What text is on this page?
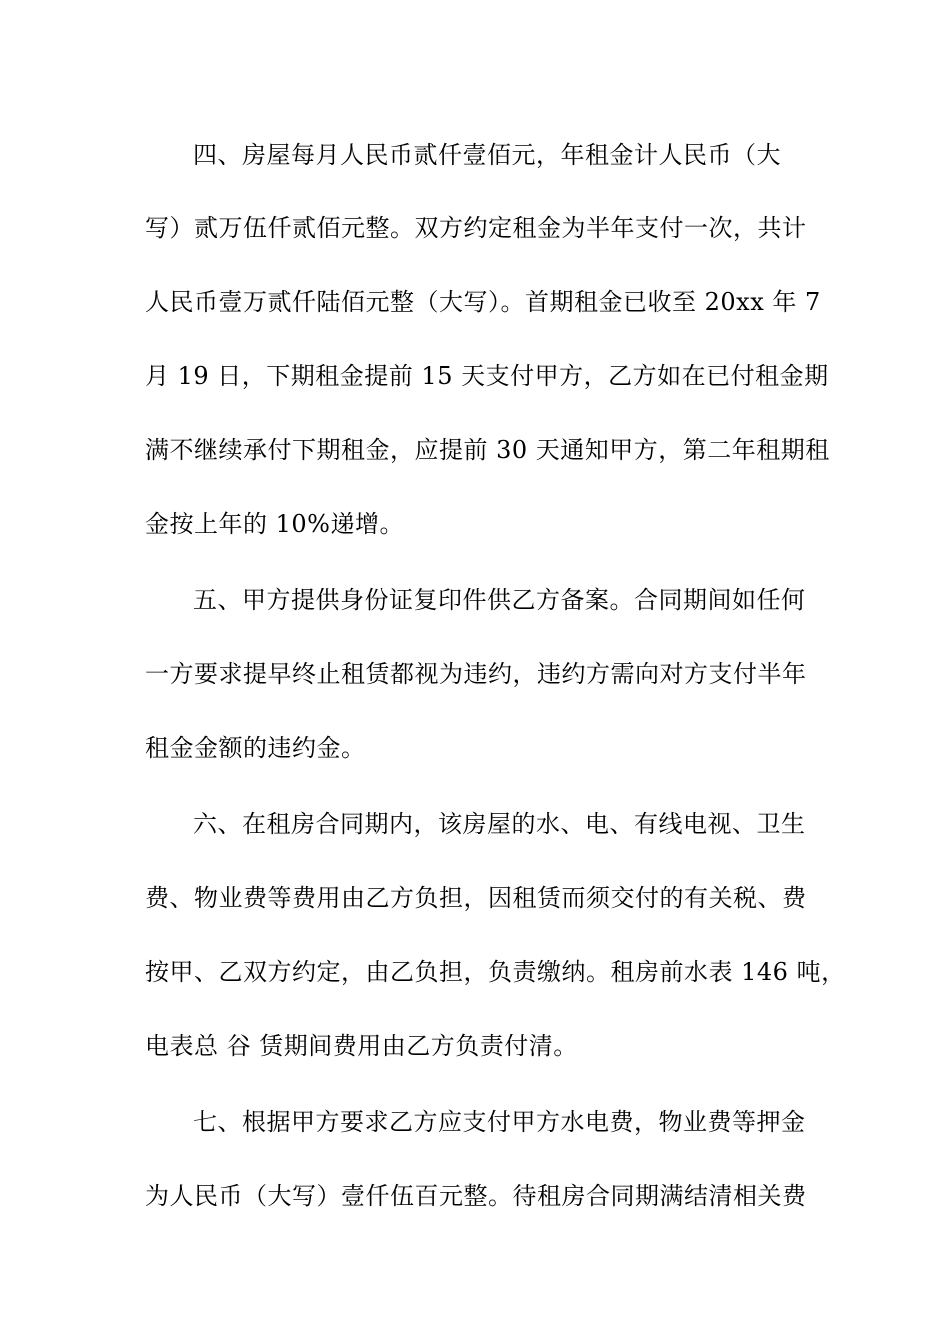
四、房屋每月人民币贰仟壹佰元，年租金计人民币（大
写）贰万伍仟贰佰元整。双方约定租金为半年支付一次，共计
人民币壹万贰仟陆佰元整（大写）。首期租金已收至 20xx 年 7
月 19 日，下期租金提前 15 天支付甲方，乙方如在已付租金期
满不继续承付下期租金，应提前 30 天通知甲方，第二年租期租
金按上年的 10%递增。
五、甲方提供身份证复印件供乙方备案。合同期间如任何
一方要求提早终止租赁都视为违约，违约方需向对方支付半年
租金金额的违约金。
六、在租房合同期内，该房屋的水、电、有线电视、卫生
费、物业费等费用由乙方负担，因租赁而须交付的有关税、费
按甲、乙双方约定，由乙负担，负责缴纳。租房前水表 146 吨，
电表总 谷 赁期间费用由乙方负责付清。
七、根据甲方要求乙方应支付甲方水电费，物业费等押金
为人民币（大写）壹仟伍百元整。待租房合同期满结清相关费
